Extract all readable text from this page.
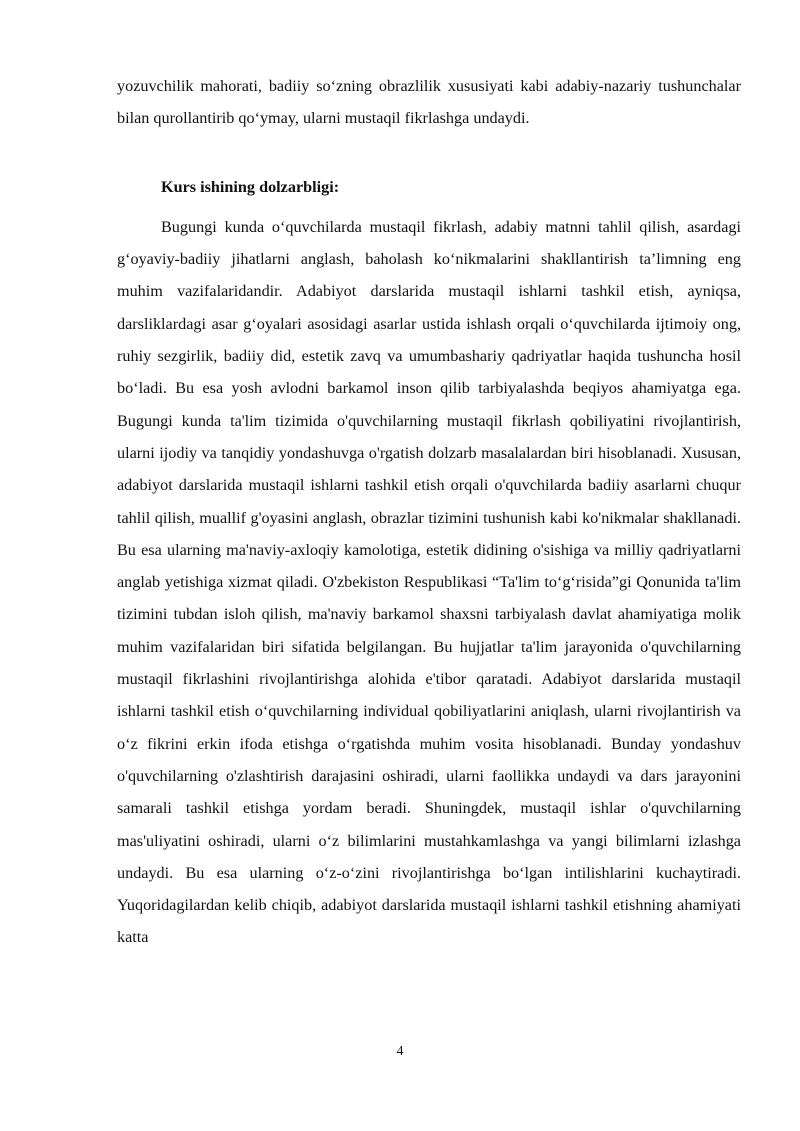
yozuvchilik mahorati, badiiy so‘zning obrazlilik xususiyati kabi adabiy-nazariy tushunchalar bilan qurollantirib qo‘ymay, ularni mustaqil fikrlashga undaydi.

Kurs ishining dolzarbligi:

Bugungi kunda o‘quvchilarda mustaqil fikrlash, adabiy matnni tahlil qilish, asardagi g‘oyaviy-badiiy jihatlarni anglash, baholash ko‘nikmalarini shakllantirish ta’limning eng muhim vazifalaridandir. Adabiyot darslarida mustaqil ishlarni tashkil etish, ayniqsa, darsliklardagi asar g‘oyalari asosidagi asarlar ustida ishlash orqali o‘quvchilarda ijtimoiy ong, ruhiy sezgirlik, badiiy did, estetik zavq va umumbashariy qadriyatlar haqida tushuncha hosil bo‘ladi. Bu esa yosh avlodni barkamol inson qilib tarbiyalashda beqiyos ahamiyatga ega. Bugungi kunda ta'lim tizimida o'quvchilarning mustaqil fikrlash qobiliyatini rivojlantirish, ularni ijodiy va tanqidiy yondashuvga o'rgatish dolzarb masalalardan biri hisoblanadi. Xususan, adabiyot darslarida mustaqil ishlarni tashkil etish orqali o'quvchilarda badiiy asarlarni chuqur tahlil qilish, muallif g'oyasini anglash, obrazlar tizimini tushunish kabi ko'nikmalar shakllanadi. Bu esa ularning ma'naviy-axloqiy kamolotiga, estetik didining o'sishiga va milliy qadriyatlarni anglab yetishiga xizmat qiladi. O'zbekiston Respublikasi “Ta'lim to‘g‘risida”gi Qonunida ta'lim tizimini tubdan isloh qilish, ma'naviy barkamol shaxsni tarbiyalash davlat ahamiyatiga molik muhim vazifalaridan biri sifatida belgilangan. Bu hujjatlar ta'lim jarayonida o'quvchilarning mustaqil fikrlashini rivojlantirishga alohida e'tibor qaratadi. Adabiyot darslarida mustaqil ishlarni tashkil etish o‘quvchilarning individual qobiliyatlarini aniqlash, ularni rivojlantirish va o‘z fikrini erkin ifoda etishga o‘rgatishda muhim vosita hisoblanadi. Bunday yondashuv o'quvchilarning o'zlashtirish darajasini oshiradi, ularni faollikka undaydi va dars jarayonini samarali tashkil etishga yordam beradi. Shuningdek, mustaqil ishlar o'quvchilarning mas'uliyatini oshiradi, ularni o‘z bilimlarini mustahkamlashga va yangi bilimlarni izlashga undaydi. Bu esa ularning o‘z-o‘zini rivojlantirishga bo‘lgan intilishlarini kuchaytiradi. Yuqoridagilardan kelib chiqib, adabiyot darslarida mustaqil ishlarni tashkil etishning ahamiyati katta

4
